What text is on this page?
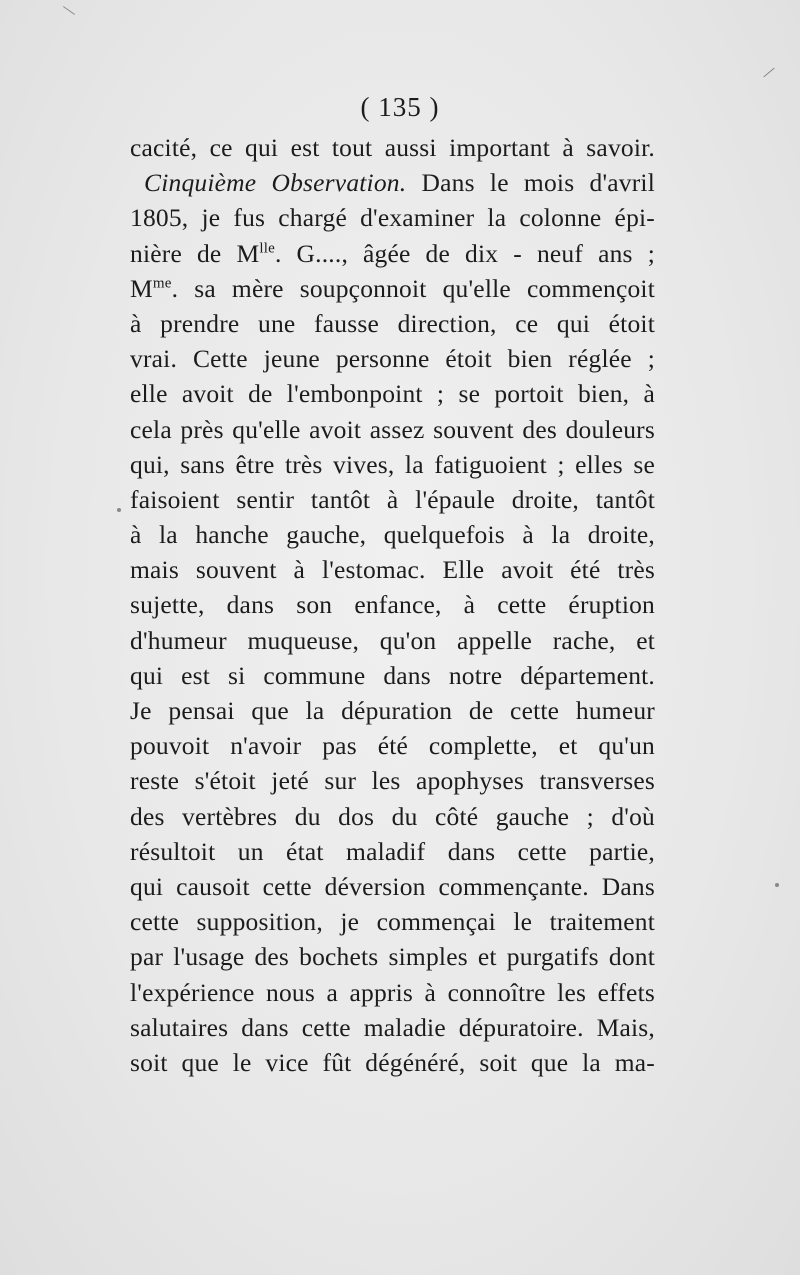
( 135 )
cacité, ce qui est tout aussi important à savoir.
Cinquième Observation. Dans le mois d'avril
1805, je fus chargé d'examiner la colonne épi-
nière de $M^{lle}$. G...., âgée de dix - neuf ans ;
$M^{me}$. sa mère soupçonnoit qu'elle commençoit
à prendre une fausse direction, ce qui étoit
vrai. Cette jeune personne étoit bien réglée ;
elle avoit de l'embonpoint ; se portoit bien, à
cela près qu'elle avoit assez souvent des douleurs
qui, sans être très vives, la fatiguoient ; elles se
faisoient sentir tantôt à l'épaule droite, tantôt
à la hanche gauche, quelquefois à la droite,
mais souvent à l'estomac. Elle avoit été très
sujette, dans son enfance, à cette éruption
d'humeur muqueuse, qu'on appelle rache, et
qui est si commune dans notre département.
Je pensai que la dépuration de cette humeur
pouvoit n'avoir pas été complette, et qu'un
reste s'étoit jeté sur les apophyses transverses
des vertèbres du dos du côté gauche ; d'où
résultoit un état maladif dans cette partie,
qui causoit cette déversion commençante. Dans
cette supposition, je commençai le traitement
par l'usage des bochets simples et purgatifs dont
l'expérience nous a appris à connoître les effets
salutaires dans cette maladie dépuratoire. Mais,
soit que le vice fût dégénéré, soit que la ma-
